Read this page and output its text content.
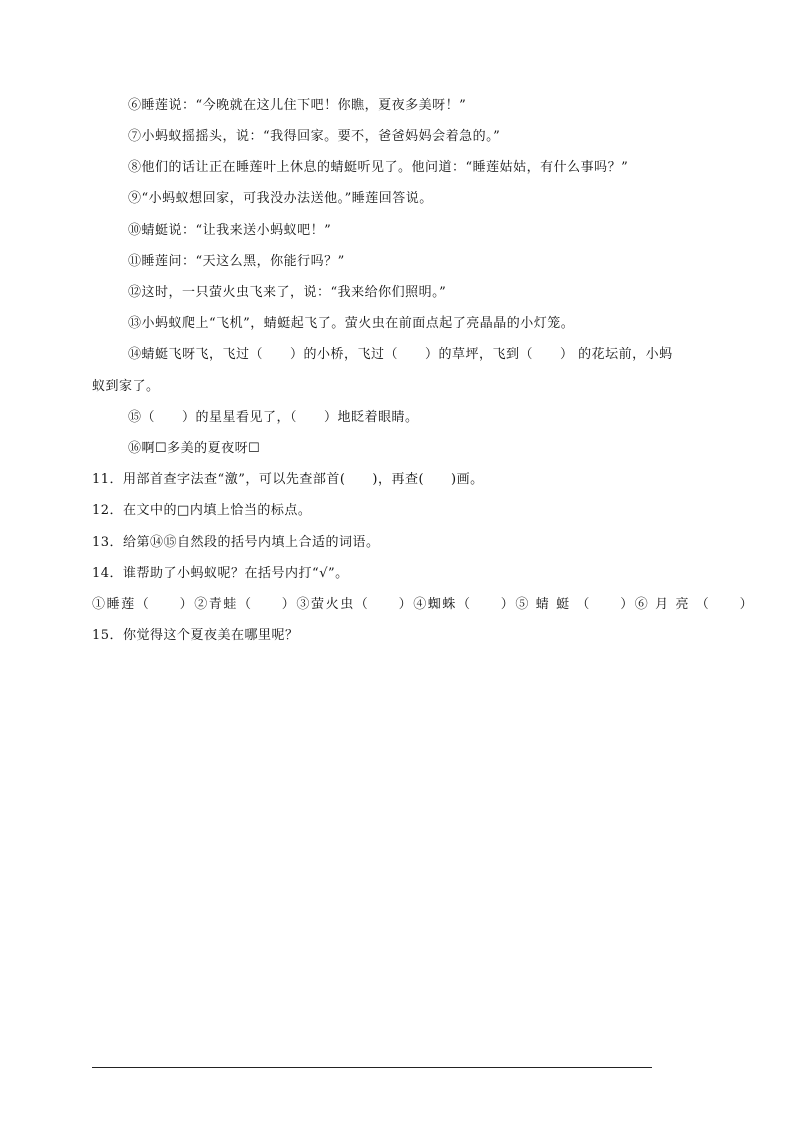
⑥睡莲说：“今晚就在这儿住下吧！你瞧，夏夜多美呀！”
⑦小蚂蚁摇摇头，说：“我得回家。要不，爸爸妈妈会着急的。”
⑧他们的话让正在睡莲叶上休息的蜻蜓听见了。他问道：“睡莲姑姑，有什么事吗？”
⑨“小蚂蚁想回家，可我没办法送他。”睡莲回答说。
⑩蜻蜓说：“让我来送小蚂蚁吧！”
⑪睡莲问：“天这么黑，你能行吗？”
⑫这时，一只萤火虫飞来了，说：“我来给你们照明。”
⑬小蚂蚁爬上“飞机”，蜻蜓起飞了。萤火虫在前面点起了亮晶晶的小灯笼。
⑭蜻蜓飞呀飞，飞过（　　）的小桥，飞过（　　）的草坪，飞到（　　） 的花坛前，小蚂
蚁到家了。
⑮（　　）的星星看见了，（　　）地眨着眼睛。
⑯啊☐多美的夏夜呀☐
11．用部首查字法查“激”，可以先查部首(　　)，再查(　　)画。
12．在文中的□内填上恰当的标点。
13．给第⑭⑮自然段的括号内填上合适的词语。
14．谁帮助了小蚂蚁呢？在括号内打“√”。
①睡莲（　　）②青蛙（　　）③萤火虫（　　）④蜘蛛（　　）⑤ 蜻 蜓 （　　）⑥ 月 亮 （　　）
15．你觉得这个夏夜美在哪里呢？
